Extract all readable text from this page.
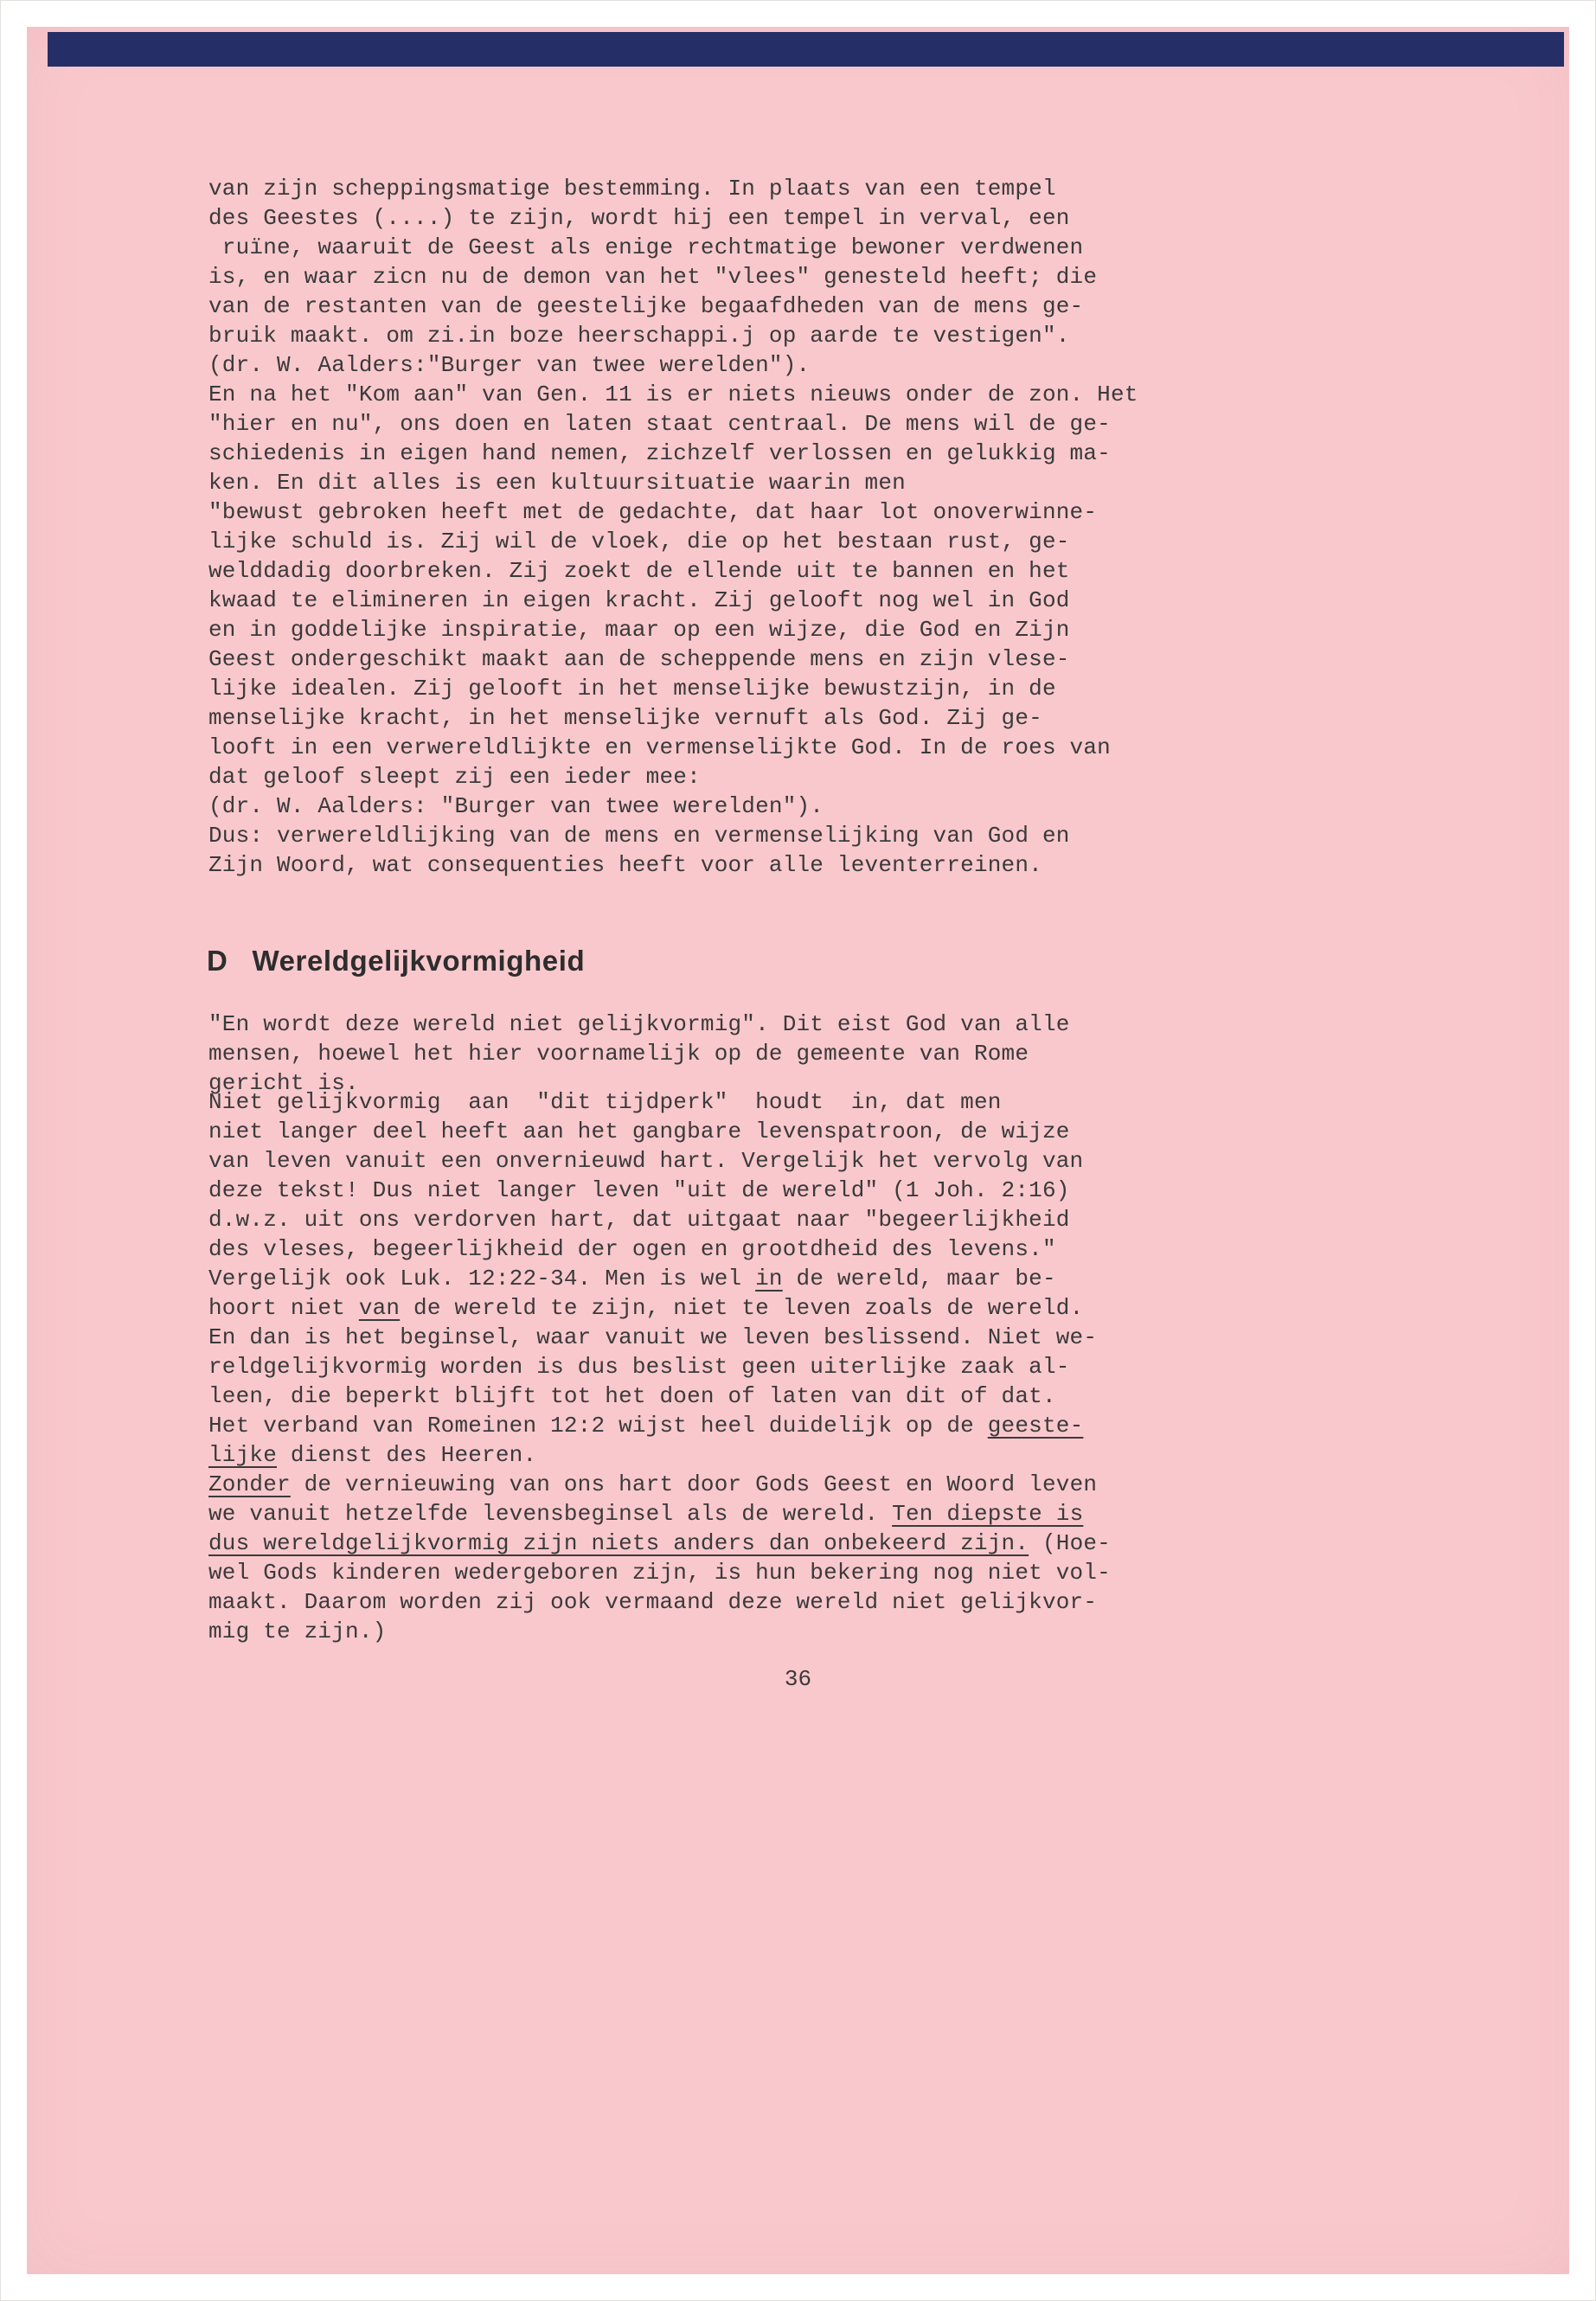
van zijn scheppingsmatige bestemming. In plaats van een tempel
des Geestes (....) te zijn, wordt hij een tempel in verval, een
ruïne, waaruit de Geest als enige rechtmatige bewoner verdwenen
is, en waar zicn nu de demon van het "vlees" genesteld heeft; die
van de restanten van de geestelijke begaafdheden van de mens ge-
bruik maakt. om zi.in boze heerschappi.j op aarde te vestigen".
(dr. W. Aalders:"Burger van twee werelden").
En na het "Kom aan" van Gen. 11 is er niets nieuws onder de zon. Het
"hier en nu", ons doen en laten staat centraal. De mens wil de ge-
schiedenis in eigen hand nemen, zichzelf verlossen en gelukkig ma-
ken. En dit alles is een kultuursituatie waarin men
"bewust gebroken heeft met de gedachte, dat haar lot onoverwinne-
lijke schuld is. Zij wil de vloek, die op het bestaan rust, ge-
welddadig doorbreken. Zij zoekt de ellende uit te bannen en het
kwaad te elimineren in eigen kracht. Zij gelooft nog wel in God
en in goddelijke inspiratie, maar op een wijze, die God en Zijn
Geest ondergeschikt maakt aan de scheppende mens en zijn vlese-
lijke idealen. Zij gelooft in het menselijke bewustzijn, in de
menselijke kracht, in het menselijke vernuft als God. Zij ge-
looft in een verwereldlijkte en vermenselijkte God. In de roes van
dat geloof sleept zij een ieder mee:
(dr. W. Aalders: "Burger van twee werelden").
Dus: verwereldlijking van de mens en vermenselijking van God en
Zijn Woord, wat consequenties heeft voor alle leventerreinen.
D Wereldgelijkvormigheid
"En wordt deze wereld niet gelijkvormig". Dit eist God van alle
mensen, hoewel het hier voornamelijk op de gemeente van Rome
gericht is.
Niet gelijkvormig  aan  "dit tijdperk"  houdt  in, dat men
niet langer deel heeft aan het gangbare levenspatroon, de wijze
van leven vanuit een onvernieuwd hart. Vergelijk het vervolg van
deze tekst! Dus niet langer leven "uit de wereld" (1 Joh. 2:16)
d.w.z. uit ons verdorven hart, dat uitgaat naar "begeerlijkheid
des vleses, begeerlijkheid der ogen en grootdheid des levens."
Vergelijk ook Luk. 12:22-34. Men is wel in de wereld, maar be-
hoort niet van de wereld te zijn, niet te leven zoals de wereld.
En dan is het beginsel, waar vanuit we leven beslissend. Niet we-
reldgelijkvormig worden is dus beslist geen uiterlijke zaak al-
leen, die beperkt blijft tot het doen of laten van dit of dat.
Het verband van Romeinen 12:2 wijst heel duidelijk op de geeste-
lijke dienst des Heeren.
Zonder de vernieuwing van ons hart door Gods Geest en Woord leven
we vanuit hetzelfde levensbeginsel als de wereld. Ten diepste is
dus wereldgelijkvormig zijn niets anders dan onbekeerd zijn. (Hoe-
wel Gods kinderen wedergeboren zijn, is hun bekering nog niet vol-
maakt. Daarom worden zij ook vermaand deze wereld niet gelijkvor-
mig te zijn.)
36
